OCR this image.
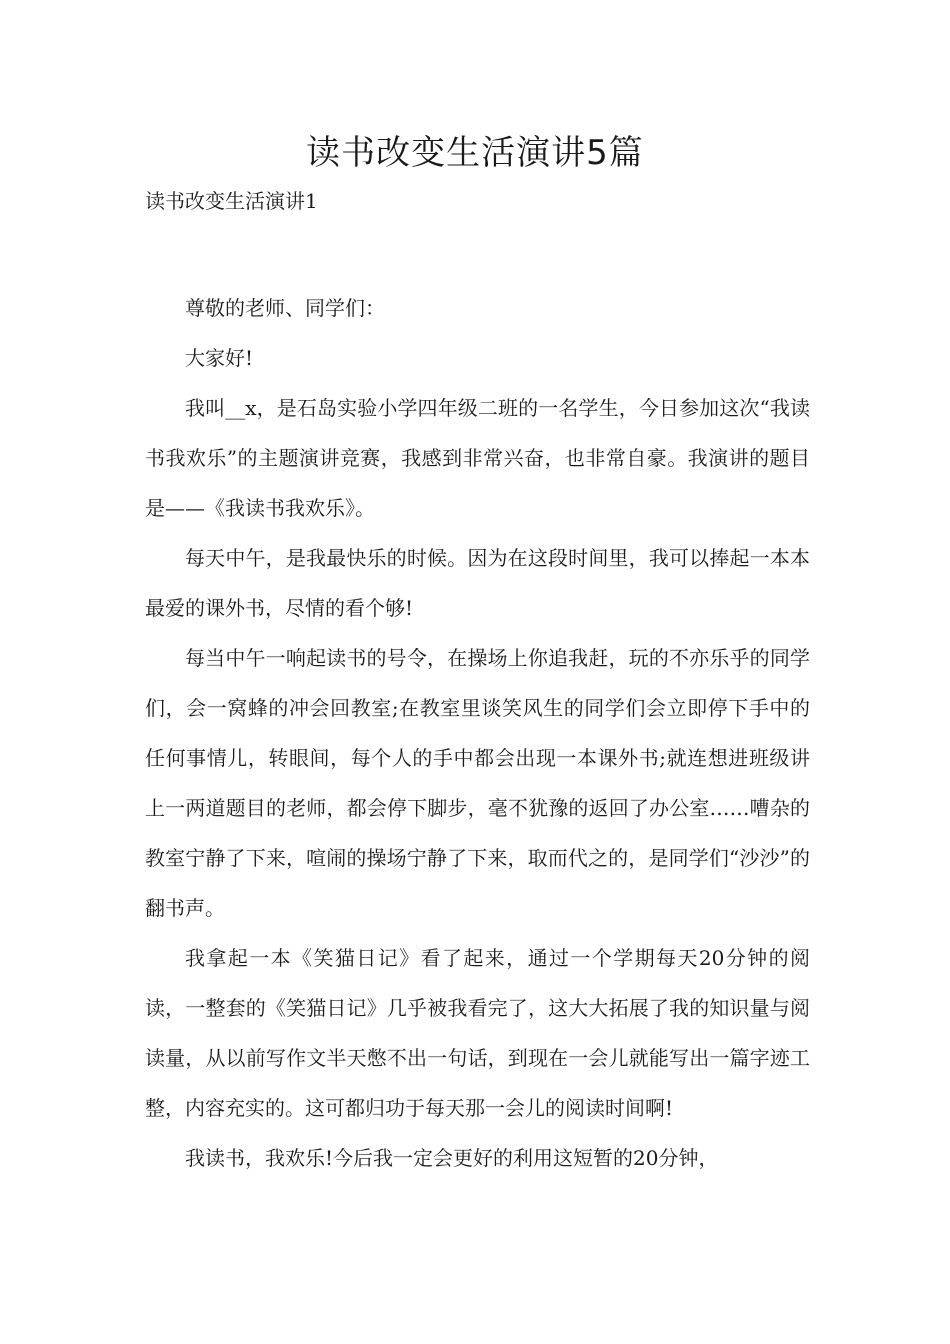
读书改变生活演讲5篇
读书改变生活演讲1

尊敬的老师、同学们：

大家好!

我叫__x，是石岛实验小学四年级二班的一名学生，今日参加这次“我读书我欢乐”的主题演讲竞赛，我感到非常兴奋，也非常自豪。我演讲的题目是——《我读书我欢乐》。

每天中午，是我最快乐的时候。因为在这段时间里，我可以捧起一本本最爱的课外书，尽情的看个够!

每当中午一响起读书的号令，在操场上你追我赶，玩的不亦乐乎的同学们，会一窝蜂的冲会回教室;在教室里谈笑风生的同学们会立即停下手中的任何事情儿，转眼间，每个人的手中都会出现一本课外书;就连想进班级讲上一两道题目的老师，都会停下脚步，毫不犹豫的返回了办公室……嘈杂的教室宁静了下来，喧闹的操场宁静了下来，取而代之的，是同学们“沙沙”的翻书声。

我拿起一本《笑猫日记》看了起来，通过一个学期每天20分钟的阅读，一整套的《笑猫日记》几乎被我看完了，这大大拓展了我的知识量与阅读量，从以前写作文半天憋不出一句话，到现在一会儿就能写出一篇字迹工整，内容充实的。这可都归功于每天那一会儿的阅读时间啊!

我读书，我欢乐!今后我一定会更好的利用这短暂的20分钟，
